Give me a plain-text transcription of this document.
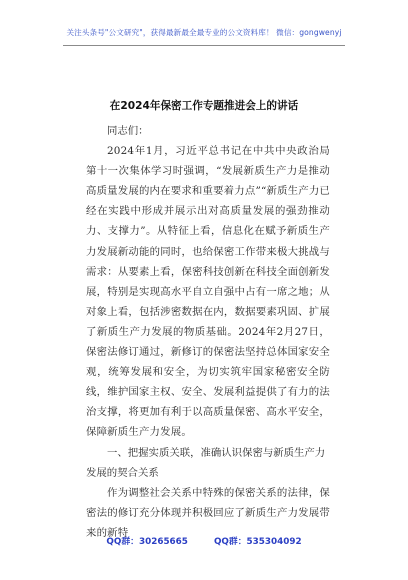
关注头条号"公文研究"，获得最新最全最专业的公文资料库！ 微信：gongwenyj
在2024年保密工作专题推进会上的讲话

同志们：

2024年1月，习近平总书记在中共中央政治局第十一次集体学习时强调，“发展新质生产力是推动高质量发展的内在要求和重要着力点”“新质生产力已经在实践中形成并展示出对高质量发展的强劲推动力、支撑力”。从特征上看，信息化在赋予新质生产力发展新动能的同时，也给保密工作带来极大挑战与需求：从要素上看，保密科技创新在科技全面创新发展，特别是实现高水平自立自强中占有一席之地；从对象上看，包括涉密数据在内，数据要素巩固、扩展了新质生产力发展的物质基础。2024年2月27日，保密法修订通过，新修订的保密法坚持总体国家安全观，统筹发展和安全，为切实筑牢国家秘密安全防线，维护国家主权、安全、发展利益提供了有力的法治支撑，将更加有利于以高质量保密、高水平安全，保障新质生产力发展。

一、把握实质关联，准确认识保密与新质生产力发展的契合关系

作为调整社会关系中特殊的保密关系的法律，保密法的修订充分体现并积极回应了新质生产力发展带来的新特

QQ群：30265665	QQ群：535304092
